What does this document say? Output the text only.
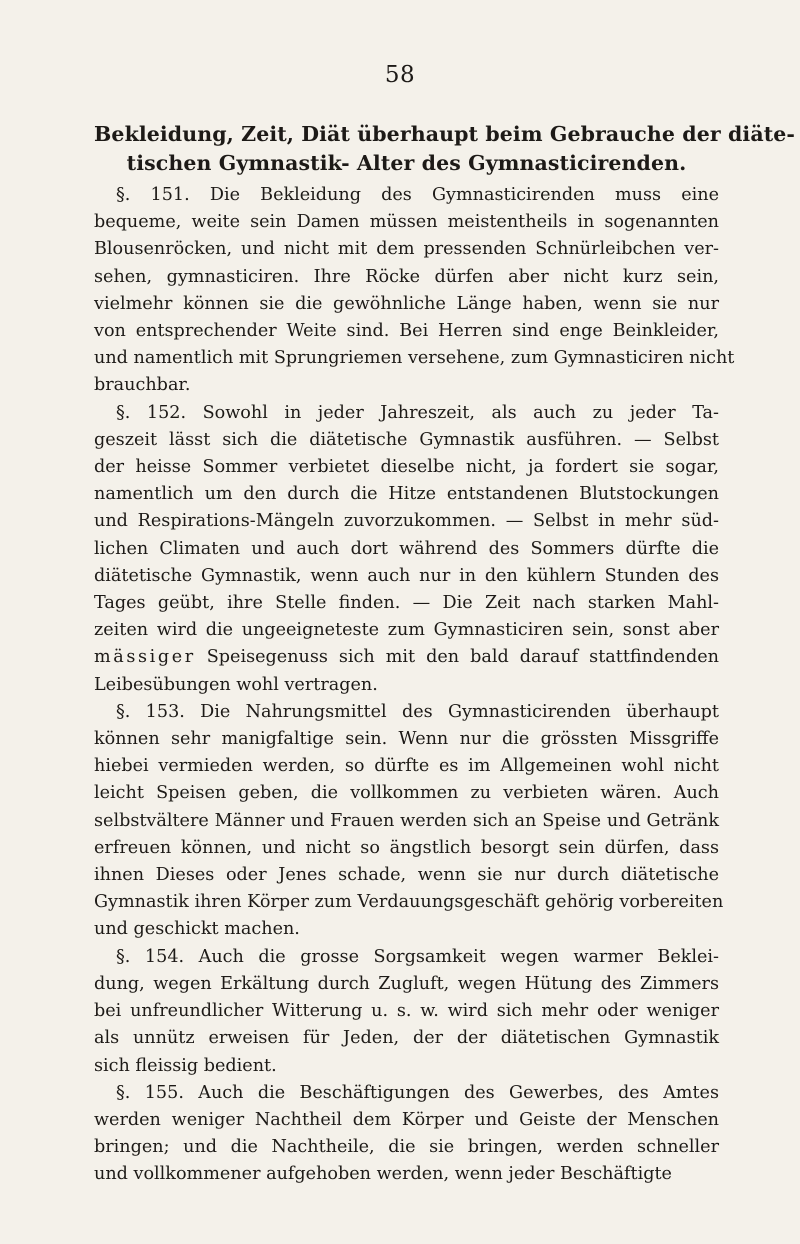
58
Bekleidung, Zeit, Diät überhaupt beim Gebrauche der diäte-
tischen Gymnastik- Alter des Gymnasticirenden.

§. 151. Die Bekleidung des Gymnasticirenden muss eine
bequeme, weite sein Damen müssen meistentheils in sogenannten
Blousenröcken, und nicht mit dem pressenden Schnürleibchen ver-
sehen, gymnasticiren. Ihre Röcke dürfen aber nicht kurz sein,
vielmehr können sie die gewöhnliche Länge haben, wenn sie nur
von entsprechender Weite sind. Bei Herren sind enge Beinkleider,
und namentlich mit Sprungriemen versehene, zum Gymnasticiren nicht
brauchbar.

§. 152. Sowohl in jeder Jahreszeit, als auch zu jeder Ta-
geszeit lässt sich die diätetische Gymnastik ausführen. — Selbst
der heisse Sommer verbietet dieselbe nicht, ja fordert sie sogar,
namentlich um den durch die Hitze entstandenen Blutstockungen
und Respirations-Mängeln zuvorzukommen. — Selbst in mehr süd-
lichen Climaten und auch dort während des Sommers dürfte die
diätetische Gymnastik, wenn auch nur in den kühlern Stunden des
Tages geübt, ihre Stelle finden. — Die Zeit nach starken Mahl-
zeiten wird die ungeeigneteste zum Gymnasticiren sein, sonst aber
mässiger Speisegenuss sich mit den bald darauf stattfindenden
Leibesübungen wohl vertragen.

§. 153. Die Nahrungsmittel des Gymnasticirenden überhaupt
können sehr manigfaltige sein. Wenn nur die grössten Missgriffe
hiebei vermieden werden, so dürfte es im Allgemeinen wohl nicht
leicht Speisen geben, die vollkommen zu verbieten wären. Auch
selbstvältere Männer und Frauen werden sich an Speise und Getränk
erfreuen können, und nicht so ängstlich besorgt sein dürfen, dass
ihnen Dieses oder Jenes schade, wenn sie nur durch diätetische
Gymnastik ihren Körper zum Verdauungsgeschäft gehörig vorbereiten
und geschickt machen.

§. 154. Auch die grosse Sorgsamkeit wegen warmer Beklei-
dung, wegen Erkältung durch Zugluft, wegen Hütung des Zimmers
bei unfreundlicher Witterung u. s. w. wird sich mehr oder weniger
als unnütz erweisen für Jeden, der der diätetischen Gymnastik
sich fleissig bedient.

§. 155. Auch die Beschäftigungen des Gewerbes, des Amtes
werden weniger Nachtheil dem Körper und Geiste der Menschen
bringen; und die Nachtheile, die sie bringen, werden schneller
und vollkommener aufgehoben werden, wenn jeder Beschäftigte
